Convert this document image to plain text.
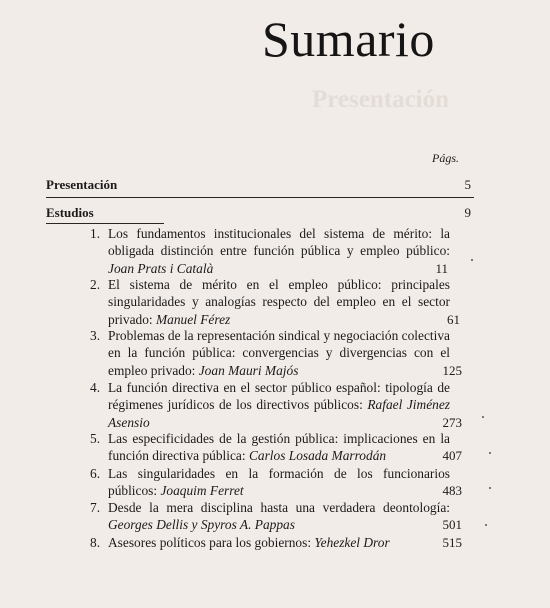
Presentación
Sumario
Págs.
Presentación	5
Estudios	9
1. Los fundamentos institucionales del sistema de mérito: la obligada distinción entre función pública y empleo público: Joan Prats i Català	11
2. El sistema de mérito en el empleo público: principales singularidades y analogías respecto del empleo en el sector privado: Manuel Férez	61
3. Problemas de la representación sindical y negociación colectiva en la función pública: convergencias y divergencias con el empleo privado: Joan Mauri Majós	125
4. La función directiva en el sector público español: tipología de régimenes jurídicos de los directivos públicos: Rafael Jiménez Asensio	273
5. Las especificidades de la gestión pública: implicaciones en la función directiva pública: Carlos Losada Marrodán	407
6. Las singularidades en la formación de los funcionarios públicos: Joaquim Ferret	483
7. Desde la mera disciplina hasta una verdadera deontología: Georges Dellis y Spyros A. Pappas	501
8. Asesores políticos para los gobiernos: Yehezkel Dror	515
